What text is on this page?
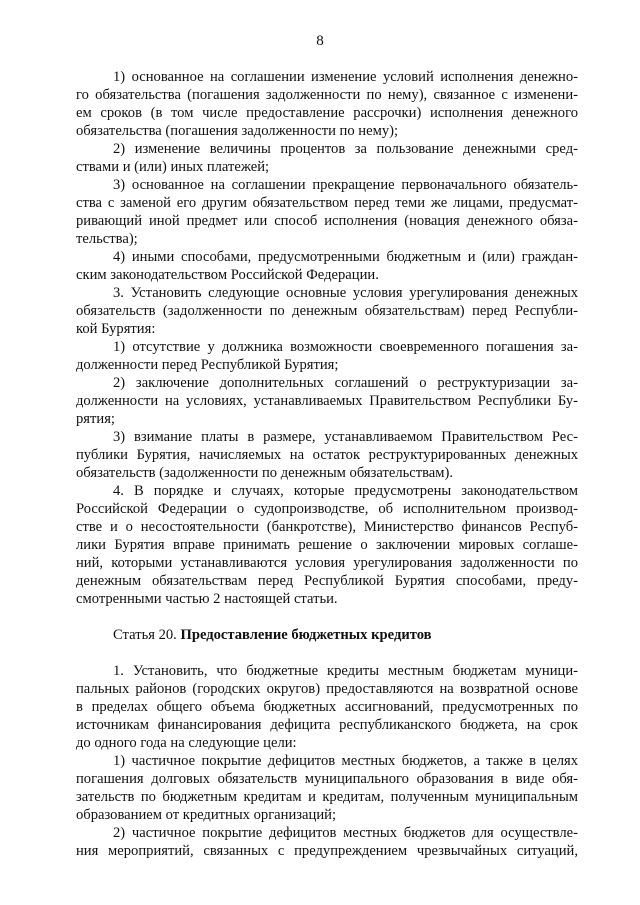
8
1) основанное на соглашении изменение условий исполнения денежно-
го обязательства (погашения задолженности по нему), связанное с изменени-
ем сроков (в том числе предоставление рассрочки) исполнения денежного
обязательства (погашения задолженности по нему);
2) изменение величины процентов за пользование денежными сред-
ствами и (или) иных платежей;
3) основанное на соглашении прекращение первоначального обязатель-
ства с заменой его другим обязательством перед теми же лицами, предусмат-
ривающий иной предмет или способ исполнения (новация денежного обяза-
тельства);
4) иными способами, предусмотренными бюджетным и (или) граждан-
ским законодательством Российской Федерации.
3. Установить следующие основные условия урегулирования денежных
обязательств (задолженности по денежным обязательствам) перед Республи-
кой Бурятия:
1) отсутствие у должника возможности своевременного погашения за-
долженности перед Республикой Бурятия;
2) заключение дополнительных соглашений о реструктуризации за-
долженности на условиях, устанавливаемых Правительством Республики Бу-
рятия;
3) взимание платы в размере, устанавливаемом Правительством Рес-
публики Бурятия, начисляемых на остаток реструктурированных денежных
обязательств (задолженности по денежным обязательствам).
4. В порядке и случаях, которые предусмотрены законодательством
Российской Федерации о судопроизводстве, об исполнительном производ-
стве и о несостоятельности (банкротстве), Министерство финансов Респуб-
лики Бурятия вправе принимать решение о заключении мировых соглаше-
ний, которыми устанавливаются условия урегулирования задолженности по
денежным обязательствам перед Республикой Бурятия способами, преду-
смотренными частью 2 настоящей статьи.
Статья 20. Предоставление бюджетных кредитов
1. Установить, что бюджетные кредиты местным бюджетам муници-
пальных районов (городских округов) предоставляются на возвратной основе
в пределах общего объема бюджетных ассигнований, предусмотренных по
источникам финансирования дефицита республиканского бюджета, на срок
до одного года на следующие цели:
1) частичное покрытие дефицитов местных бюджетов, а также в целях
погашения долговых обязательств муниципального образования в виде обя-
зательств по бюджетным кредитам и кредитам, полученным муниципальным
образованием от кредитных организаций;
2) частичное покрытие дефицитов местных бюджетов для осуществле-
ния мероприятий, связанных с предупреждением чрезвычайных ситуаций,
